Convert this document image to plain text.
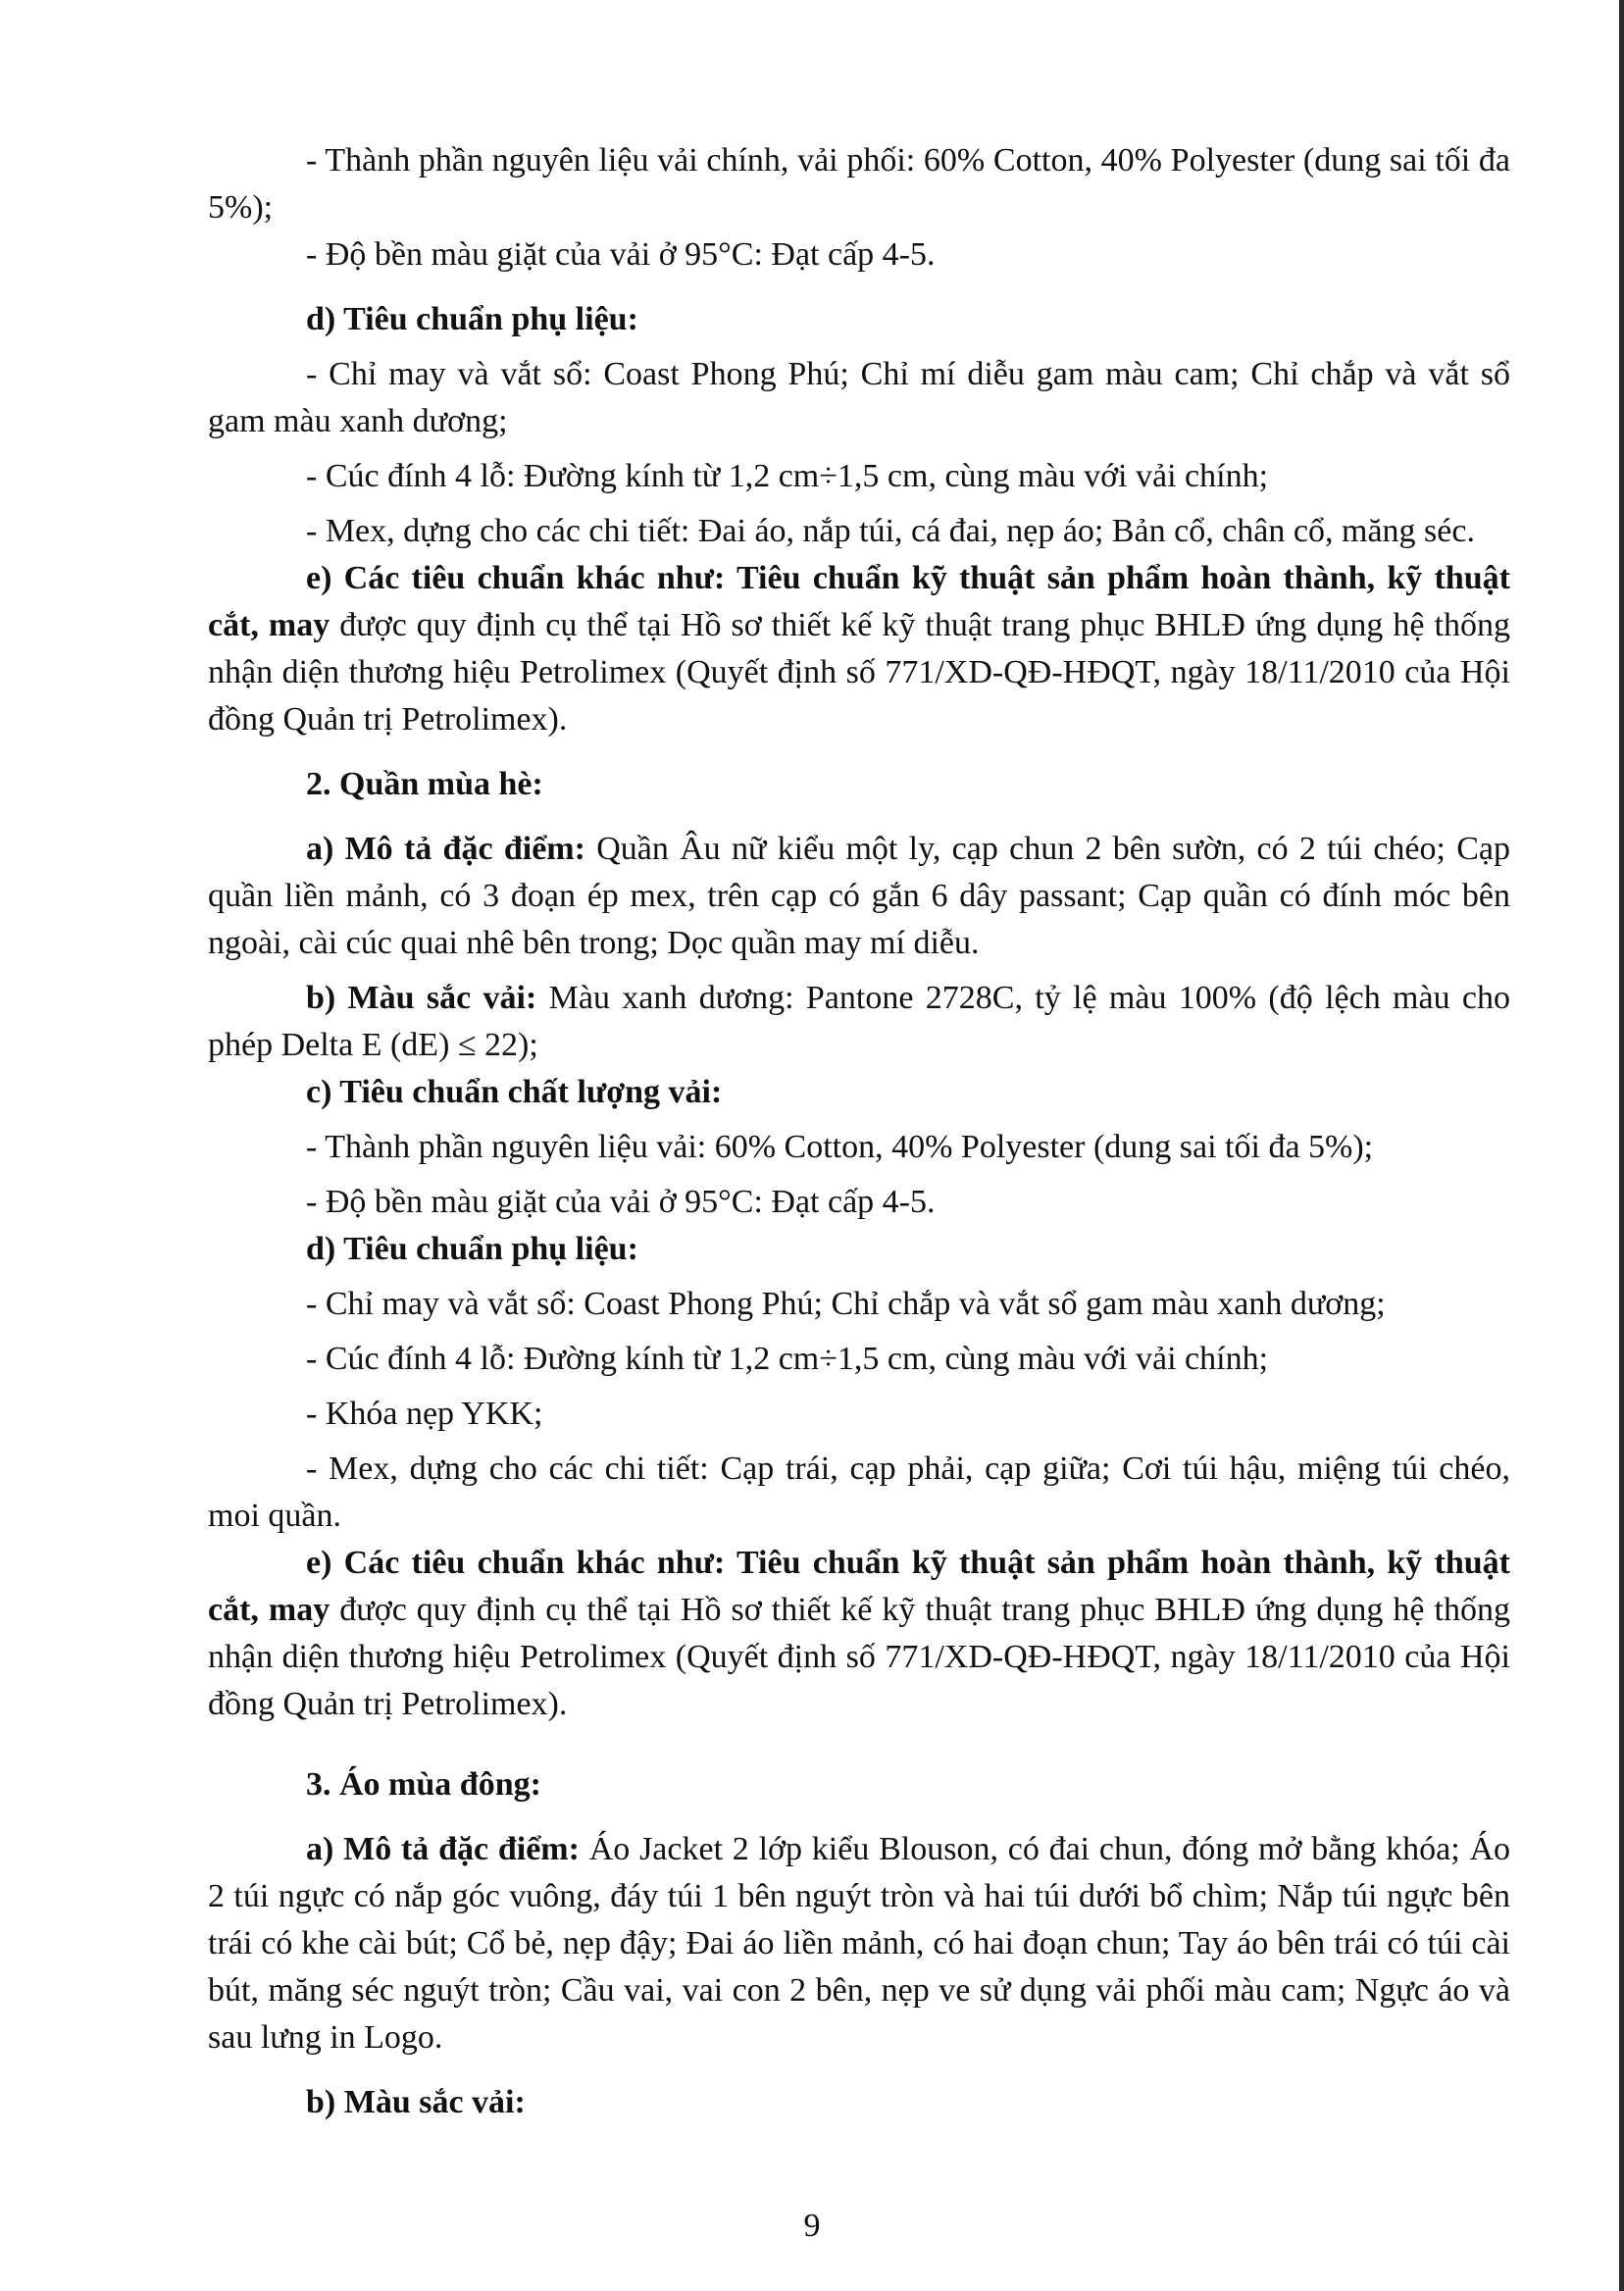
- Thành phần nguyên liệu vải chính, vải phối: 60% Cotton, 40% Polyester (dung sai tối đa 5%);

- Độ bền màu giặt của vải ở 95°C: Đạt cấp 4-5.

d) Tiêu chuẩn phụ liệu:

- Chỉ may và vắt sổ: Coast Phong Phú; Chỉ mí diễu gam màu cam; Chỉ chắp và vắt sổ gam màu xanh dương;

- Cúc đính 4 lỗ: Đường kính từ 1,2 cm÷1,5 cm, cùng màu với vải chính;

- Mex, dựng cho các chi tiết: Đai áo, nắp túi, cá đai, nẹp áo; Bản cổ, chân cổ, măng séc.

e) Các tiêu chuẩn khác như: Tiêu chuẩn kỹ thuật sản phẩm hoàn thành, kỹ thuật cắt, may được quy định cụ thể tại Hồ sơ thiết kế kỹ thuật trang phục BHLĐ ứng dụng hệ thống nhận diện thương hiệu Petrolimex (Quyết định số 771/XD-QĐ-HĐQT, ngày 18/11/2010 của Hội đồng Quản trị Petrolimex).

2. Quần mùa hè:

a) Mô tả đặc điểm: Quần Âu nữ kiểu một ly, cạp chun 2 bên sườn, có 2 túi chéo; Cạp quần liền mảnh, có 3 đoạn ép mex, trên cạp có gắn 6 dây passant; Cạp quần có đính móc bên ngoài, cài cúc quai nhê bên trong; Dọc quần may mí diễu.

b) Màu sắc vải: Màu xanh dương: Pantone 2728C, tỷ lệ màu 100% (độ lệch màu cho phép Delta E (dE) ≤ 22);

c) Tiêu chuẩn chất lượng vải:

- Thành phần nguyên liệu vải: 60% Cotton, 40% Polyester (dung sai tối đa 5%);

- Độ bền màu giặt của vải ở 95°C: Đạt cấp 4-5.

d) Tiêu chuẩn phụ liệu:

- Chỉ may và vắt sổ: Coast Phong Phú; Chỉ chắp và vắt sổ gam màu xanh dương;

- Cúc đính 4 lỗ: Đường kính từ 1,2 cm÷1,5 cm, cùng màu với vải chính;

- Khóa nẹp YKK;

- Mex, dựng cho các chi tiết: Cạp trái, cạp phải, cạp giữa; Cơi túi hậu, miệng túi chéo, moi quần.

e) Các tiêu chuẩn khác như: Tiêu chuẩn kỹ thuật sản phẩm hoàn thành, kỹ thuật cắt, may được quy định cụ thể tại Hồ sơ thiết kế kỹ thuật trang phục BHLĐ ứng dụng hệ thống nhận diện thương hiệu Petrolimex (Quyết định số 771/XD-QĐ-HĐQT, ngày 18/11/2010 của Hội đồng Quản trị Petrolimex).

3. Áo mùa đông:

a) Mô tả đặc điểm: Áo Jacket 2 lớp kiểu Blouson, có đai chun, đóng mở bằng khóa; Áo 2 túi ngực có nắp góc vuông, đáy túi 1 bên nguýt tròn và hai túi dưới bổ chìm; Nắp túi ngực bên trái có khe cài bút; Cổ bẻ, nẹp đậy; Đai áo liền mảnh, có hai đoạn chun; Tay áo bên trái có túi cài bút, măng séc nguýt tròn; Cầu vai, vai con 2 bên, nẹp ve sử dụng vải phối màu cam; Ngực áo và sau lưng in Logo.

b) Màu sắc vải:

9
